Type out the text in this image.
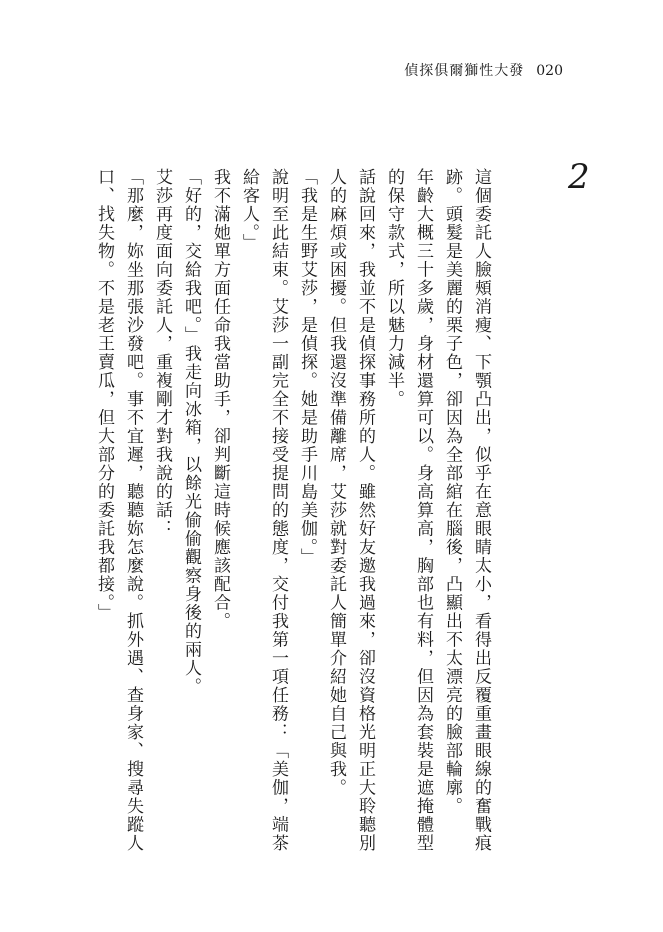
偵探俱爾獅性大發 020
2

這個委託人臉頰消瘦、下顎凸出，似乎在意眼睛太小，看得出反覆重畫眼線的奮戰痕跡。頭髮是美麗的栗子色，卻因為全部綰在腦後，凸顯出不太漂亮的臉部輪廓。

年齡大概三十多歲，身材還算可以。身高算高，胸部也有料，但因為套裝是遮掩體型的保守款式，所以魅力減半。

話說回來，我並不是偵探事務所的人。雖然好友邀我過來，卻沒資格光明正大聆聽別人的麻煩或困擾。但我還沒準備離席，艾莎就對委託人簡單介紹她自己與我。

「我是生野艾莎，是偵探。她是助手川島美伽。」

說明至此結束。艾莎一副完全不接受提問的態度，交付我第一項任務：「美伽，端茶給客人。」

我不滿她單方面任命我當助手，卻判斷這時候應該配合。

「好的，交給我吧。」我走向冰箱，以餘光偷偷觀察身後的兩人。

艾莎再度面向委託人，重複剛才對我說的話：

「那麼，妳坐那張沙發吧。事不宜遲，聽聽妳怎麼說。抓外遇、查身家、搜尋失蹤人口、找失物。不是老王賣瓜，但大部分的委託我都接。」
